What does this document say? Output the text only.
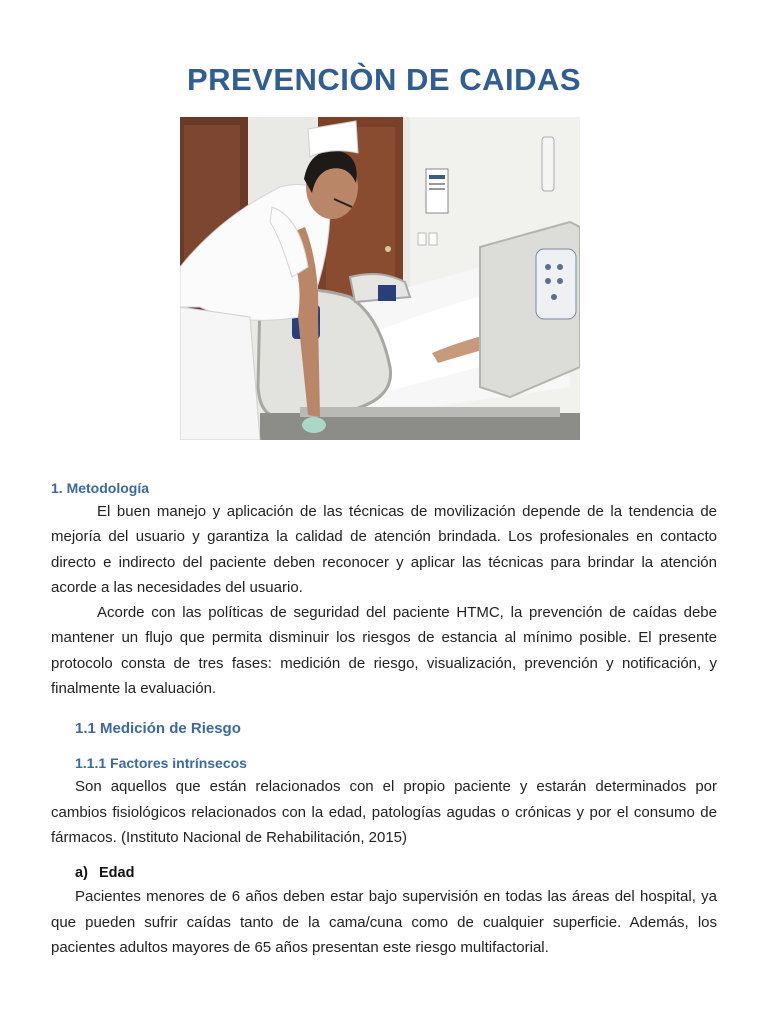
PREVENCIÒN DE CAIDAS
1. Metodología

El buen manejo y aplicación de las técnicas de movilización depende de la tendencia de mejoría del usuario y garantiza la calidad de atención brindada. Los profesionales en contacto directo e indirecto del paciente deben reconocer y aplicar las técnicas para brindar la atención acorde a las necesidades del usuario.

Acorde con las políticas de seguridad del paciente HTMC, la prevención de caídas debe mantener un flujo que permita disminuir los riesgos de estancia al mínimo posible. El presente protocolo consta de tres fases: medición de riesgo, visualización, prevención y notificación, y finalmente la evaluación.

1.1 Medición de Riesgo
1.1.1 Factores intrínsecos

Son aquellos que están relacionados con el propio paciente y estarán determinados por cambios fisiológicos relacionados con la edad, patologías agudas o crónicas y por el consumo de fármacos. (Instituto Nacional de Rehabilitación, 2015)

a) Edad

Pacientes menores de 6 años deben estar bajo supervisión en todas las áreas del hospital, ya que pueden sufrir caídas tanto de la cama/cuna como de cualquier superficie. Además, los pacientes adultos mayores de 65 años presentan este riesgo multifactorial.
